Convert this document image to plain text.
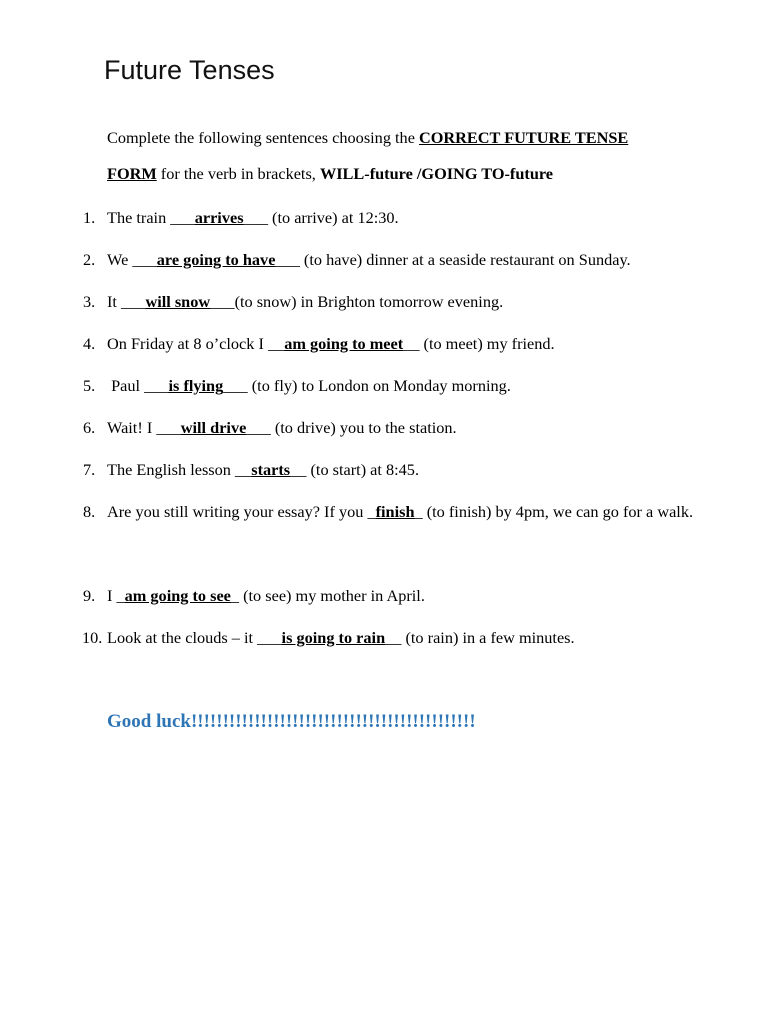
Future Tenses
Complete the following sentences choosing the CORRECT FUTURE TENSE
FORM for the verb in brackets, WILL-future /GOING TO-future
1. The train ___arrives___ (to arrive) at 12:30.
2. We ___are going to have___ (to have) dinner at a seaside restaurant on Sunday.
3. It ___will snow___(to snow) in Brighton tomorrow evening.
4. On Friday at 8 o’clock I __am going to meet__ (to meet) my friend.
5. Paul ___is flying___ (to fly) to London on Monday morning.
6. Wait! I ___will drive___ (to drive) you to the station.
7. The English lesson __starts__ (to start) at 8:45.
8. Are you still writing your essay? If you _finish_ (to finish) by 4pm, we can go for a walk.
9. I _am going to see_ (to see) my mother in April.
10. Look at the clouds – it ___is going to rain__ (to rain) in a few minutes.
Good luck!!!!!!!!!!!!!!!!!!!!!!!!!!!!!!!!!!!!!!!!!!!!!
